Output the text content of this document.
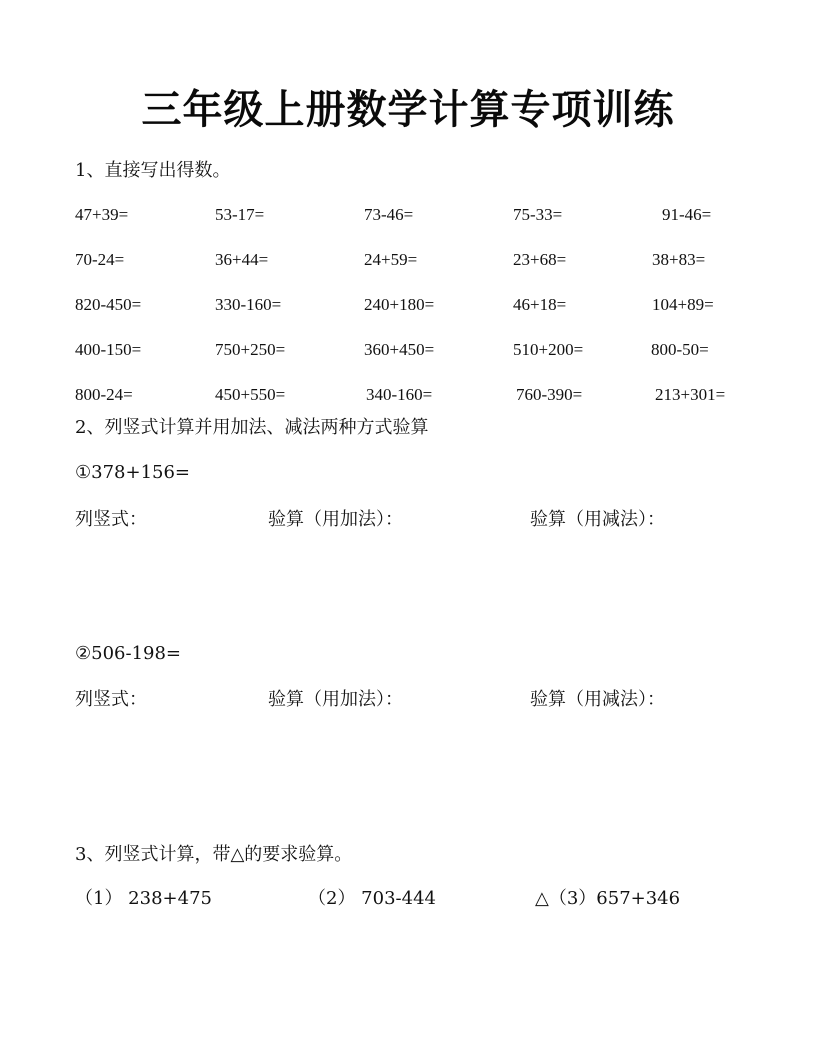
三年级上册数学计算专项训练
1、直接写出得数。
47+39=	53-17=	73-46=	75-33=	91-46=
70-24=	36+44=	24+59=	23+68=	38+83=
820-450=	330-160=	240+180=	46+18=	104+89=
400-150=	750+250=	360+450=	510+200=	800-50=
800-24=	450+550=	340-160=	760-390=	213+301=
2、列竖式计算并用加法、减法两种方式验算
①378+156=
列竖式：	验算（用加法）：	验算（用减法）：
②506-198=
列竖式：	验算（用加法）：	验算（用减法）：
3、列竖式计算，带△的要求验算。
（1） 238+475	（2） 703-444	△（3）657+346
